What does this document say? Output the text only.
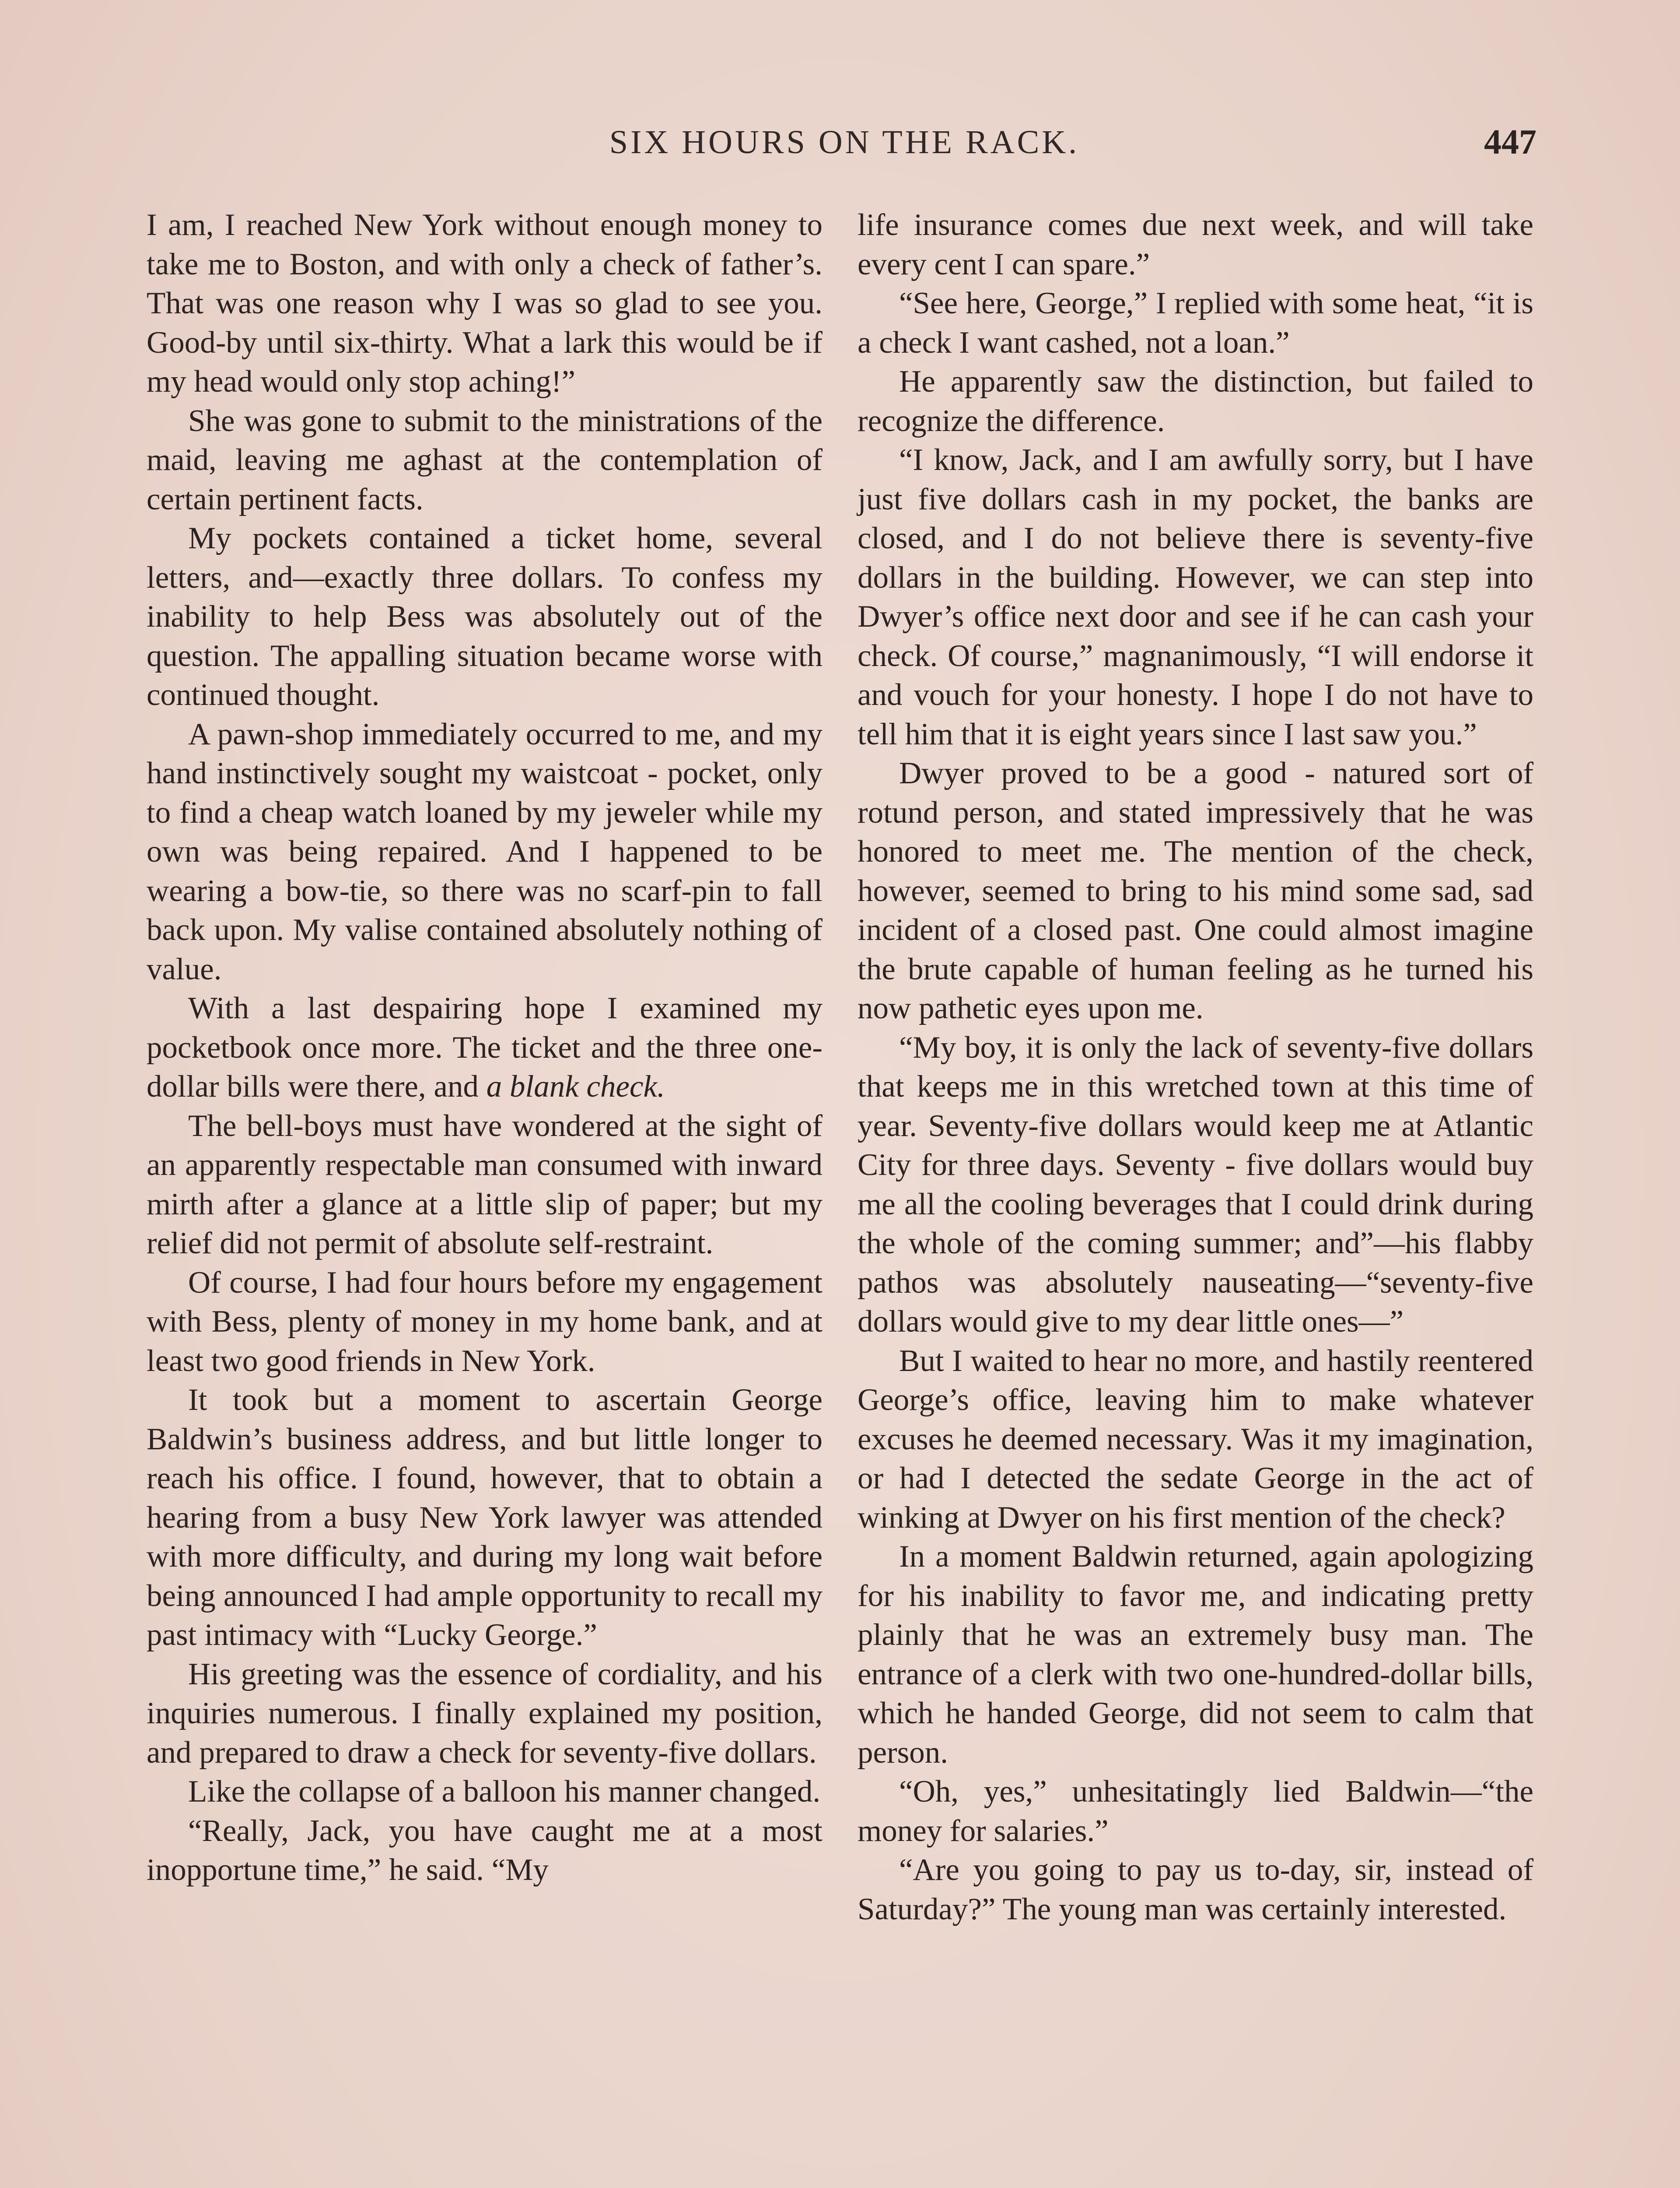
SIX HOURS ON THE RACK.	447

I am, I reached New York without enough money to take me to Boston, and with only a check of father’s. That was one reason why I was so glad to see you. Good-by until six-thirty. What a lark this would be if my head would only stop aching!”

She was gone to submit to the ministrations of the maid, leaving me aghast at the contemplation of certain pertinent facts.

My pockets contained a ticket home, several letters, and—exactly three dollars. To confess my inability to help Bess was absolutely out of the question. The appalling situation became worse with continued thought.

A pawn-shop immediately occurred to me, and my hand instinctively sought my waistcoat - pocket, only to find a cheap watch loaned by my jeweler while my own was being repaired. And I happened to be wearing a bow-tie, so there was no scarf-pin to fall back upon. My valise contained absolutely nothing of value.

With a last despairing hope I examined my pocketbook once more. The ticket and the three one-dollar bills were there, and a blank check.

The bell-boys must have wondered at the sight of an apparently respectable man consumed with inward mirth after a glance at a little slip of paper; but my relief did not permit of absolute self-restraint.

Of course, I had four hours before my engagement with Bess, plenty of money in my home bank, and at least two good friends in New York.

It took but a moment to ascertain George Baldwin’s business address, and but little longer to reach his office. I found, however, that to obtain a hearing from a busy New York lawyer was attended with more difficulty, and during my long wait before being announced I had ample opportunity to recall my past intimacy with “Lucky George.”

His greeting was the essence of cordiality, and his inquiries numerous. I finally explained my position, and prepared to draw a check for seventy-five dollars.

Like the collapse of a balloon his manner changed.

“Really, Jack, you have caught me at a most inopportune time,” he said. “My

life insurance comes due next week, and will take every cent I can spare.”

“See here, George,” I replied with some heat, “it is a check I want cashed, not a loan.”

He apparently saw the distinction, but failed to recognize the difference.

“I know, Jack, and I am awfully sorry, but I have just five dollars cash in my pocket, the banks are closed, and I do not believe there is seventy-five dollars in the building. However, we can step into Dwyer’s office next door and see if he can cash your check. Of course,” magnanimously, “I will endorse it and vouch for your honesty. I hope I do not have to tell him that it is eight years since I last saw you.”

Dwyer proved to be a good - natured sort of rotund person, and stated impressively that he was honored to meet me. The mention of the check, however, seemed to bring to his mind some sad, sad incident of a closed past. One could almost imagine the brute capable of human feeling as he turned his now pathetic eyes upon me.

“My boy, it is only the lack of seventy-five dollars that keeps me in this wretched town at this time of year. Seventy-five dollars would keep me at Atlantic City for three days. Seventy - five dollars would buy me all the cooling beverages that I could drink during the whole of the coming summer; and”—his flabby pathos was absolutely nauseating—“seventy-five dollars would give to my dear little ones—”

But I waited to hear no more, and hastily reentered George’s office, leaving him to make whatever excuses he deemed necessary. Was it my imagination, or had I detected the sedate George in the act of winking at Dwyer on his first mention of the check?

In a moment Baldwin returned, again apologizing for his inability to favor me, and indicating pretty plainly that he was an extremely busy man. The entrance of a clerk with two one-hundred-dollar bills, which he handed George, did not seem to calm that person.

“Oh, yes,” unhesitatingly lied Baldwin—“the money for salaries.”

“Are you going to pay us to-day, sir, instead of Saturday?” The young man was certainly interested.
